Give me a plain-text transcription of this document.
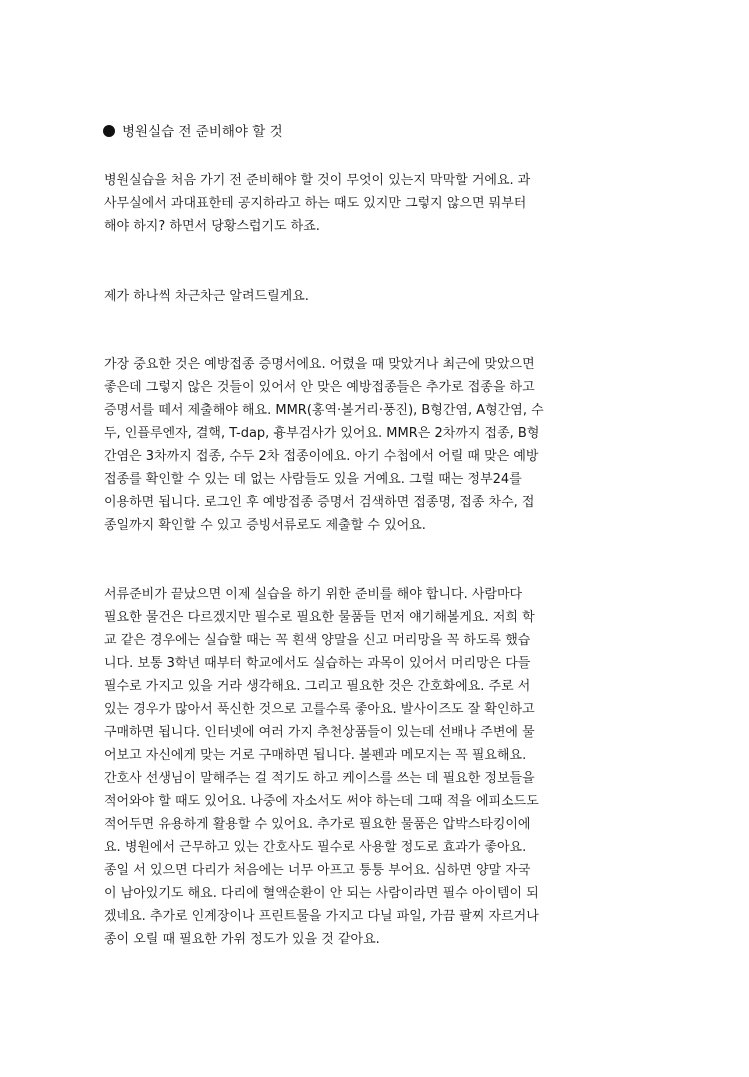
병원실습 전 준비해야 할 것
병원실습을 처음 가기 전 준비해야 할 것이 무엇이 있는지 막막할 거에요. 과
사무실에서 과대표한테 공지하라고 하는 때도 있지만 그렇지 않으면 뭐부터
해야 하지? 하면서 당황스럽기도 하죠.
제가 하나씩 차근차근 알려드릴게요.
가장 중요한 것은 예방접종 증명서에요. 어렸을 때 맞았거나 최근에 맞았으면
좋은데 그렇지 않은 것들이 있어서 안 맞은 예방접종들은 추가로 접종을 하고
증명서를 떼서 제출해야 해요. MMR(홍역·볼거리·풍진), B형간염, A형간염, 수
두, 인플루엔자, 결핵, T-dap, 흉부검사가 있어요. MMR은 2차까지 접종, B형
간염은 3차까지 접종, 수두 2차 접종이에요. 아기 수첩에서 어릴 때 맞은 예방
접종를 확인할 수 있는 데 없는 사람들도 있을 거예요. 그럴 때는 정부24를
이용하면 됩니다. 로그인 후 예방접종 증명서 검색하면 접종명, 접종 차수, 접
종일까지 확인할 수 있고 증빙서류로도 제출할 수 있어요.
서류준비가 끝났으면 이제 실습을 하기 위한 준비를 해야 합니다. 사람마다
필요한 물건은 다르겠지만 필수로 필요한 물품들 먼저 얘기해볼게요. 저희 학
교 같은 경우에는 실습할 때는 꼭 흰색 양말을 신고 머리망을 꼭 하도록 했습
니다. 보통 3학년 때부터 학교에서도 실습하는 과목이 있어서 머리망은 다들
필수로 가지고 있을 거라 생각해요. 그리고 필요한 것은 간호화에요. 주로 서
있는 경우가 많아서 푹신한 것으로 고를수록 좋아요. 발사이즈도 잘 확인하고
구매하면 됩니다. 인터넷에 여러 가지 추천상품들이 있는데 선배나 주변에 물
어보고 자신에게 맞는 거로 구매하면 됩니다. 볼펜과 메모지는 꼭 필요해요.
간호사 선생님이 말해주는 걸 적기도 하고 케이스를 쓰는 데 필요한 정보들을
적어와야 할 때도 있어요. 나중에 자소서도 써야 하는데 그때 적을 에피소드도
적어두면 유용하게 활용할 수 있어요. 추가로 필요한 물품은 압박스타킹이에
요. 병원에서 근무하고 있는 간호사도 필수로 사용할 정도로 효과가 좋아요.
종일 서 있으면 다리가 처음에는 너무 아프고 퉁퉁 부어요. 심하면 양말 자국
이 남아있기도 해요. 다리에 혈액순환이 안 되는 사람이라면 필수 아이템이 되
겠네요. 추가로 인계장이나 프린트물을 가지고 다닐 파일, 가끔 팔찌 자르거나
종이 오릴 때 필요한 가위 정도가 있을 것 같아요.
